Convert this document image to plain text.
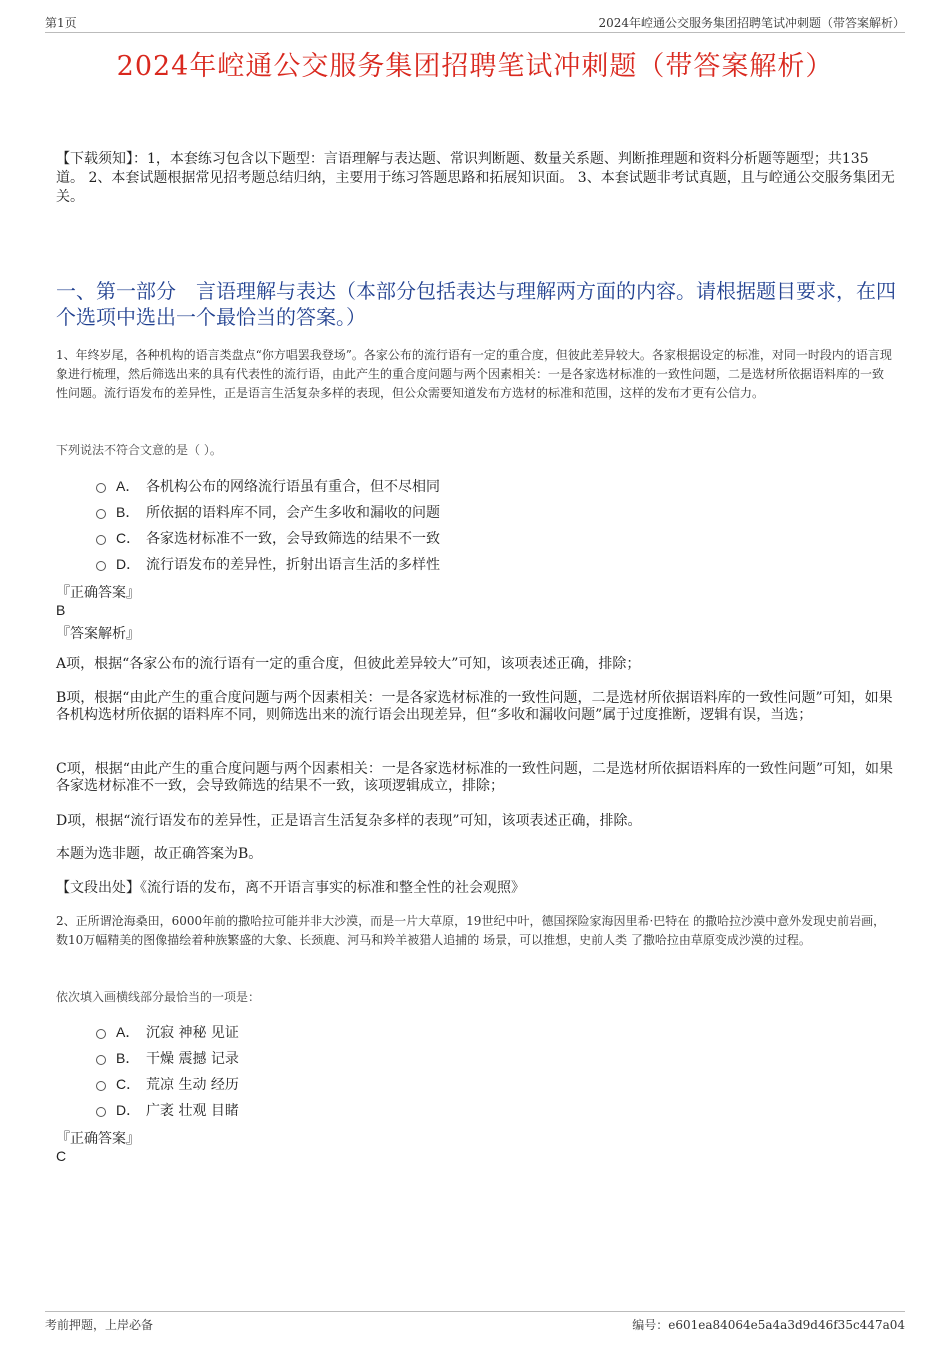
第1页	2024年崆通公交服务集团招聘笔试冲刺题（带答案解析）
2024年崆通公交服务集团招聘笔试冲刺题（带答案解析）

【下载须知】：1，本套练习包含以下题型：言语理解与表达题、常识判断题、数量关系题、判断推理题和资料分析题等题型；共135道。 2、本套试题根据常见招考题总结归纳，主要用于练习答题思路和拓展知识面。 3、本套试题非考试真题，且与崆通公交服务集团无关。

一、第一部分　言语理解与表达（本部分包括表达与理解两方面的内容。请根据题目要求，在四个选项中选出一个最恰当的答案。）

1、年终岁尾，各种机构的语言类盘点“你方唱罢我登场”。各家公布的流行语有一定的重合度，但彼此差异较大。各家根据设定的标准，对同一时段内的语言现象进行梳理，然后筛选出来的具有代表性的流行语，由此产生的重合度问题与两个因素相关：一是各家选材标准的一致性问题，二是选材所依据语料库的一致性问题。流行语发布的差异性，正是语言生活复杂多样的表现，但公众需要知道发布方选材的标准和范围，这样的发布才更有公信力。

下列说法不符合文意的是（ ）。

A． 各机构公布的网络流行语虽有重合，但不尽相同
B． 所依据的语料库不同，会产生多收和漏收的问题
C． 各家选材标准不一致，会导致筛选的结果不一致
D． 流行语发布的差异性，折射出语言生活的多样性

『正确答案』

B

『答案解析』

A项，根据“各家公布的流行语有一定的重合度，但彼此差异较大”可知，该项表述正确，排除；

B项，根据“由此产生的重合度问题与两个因素相关：一是各家选材标准的一致性问题，二是选材所依据语料库的一致性问题”可知，如果各机构选材所依据的语料库不同，则筛选出来的流行语会出现差异，但“多收和漏收问题”属于过度推断，逻辑有误，当选；

C项，根据“由此产生的重合度问题与两个因素相关：一是各家选材标准的一致性问题，二是选材所依据语料库的一致性问题”可知，如果各家选材标准不一致，会导致筛选的结果不一致，该项逻辑成立，排除；

D项，根据“流行语发布的差异性，正是语言生活复杂多样的表现”可知，该项表述正确，排除。

本题为选非题，故正确答案为B。

【文段出处】《流行语的发布，离不开语言事实的标准和整全性的社会观照》

2、正所谓沧海桑田，6000年前的撒哈拉可能并非大沙漠，而是一片大草原，19世纪中叶，德国探险家海因里希·巴特在 的撒哈拉沙漠中意外发现史前岩画，数10万幅精美的图像描绘着种族繁盛的大象、长颈鹿、河马和羚羊被猎人追捕的 场景，可以推想，史前人类 了撒哈拉由草原变成沙漠的过程。

依次填入画横线部分最恰当的一项是：

A． 沉寂 神秘 见证
B． 干燥 震撼 记录
C． 荒凉 生动 经历
D． 广袤 壮观 目睹

『正确答案』

C

考前押题，上岸必备	编号：e601ea84064e5a4a3d9d46f35c447a04
